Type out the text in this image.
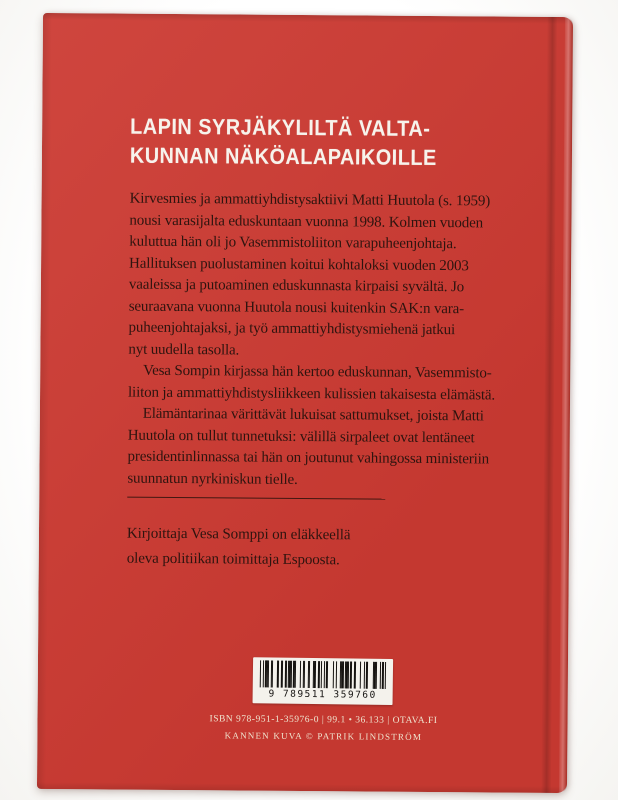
LAPIN SYRJÄKYLILTÄ VALTA-
KUNNAN NÄKÖALAPAIKOILLE

Kirvesmies ja ammattiyhdistysaktiivi Matti Huutola (s. 1959)
nousi varasijalta eduskuntaan vuonna 1998. Kolmen vuoden
kuluttua hän oli jo Vasemmistoliiton varapuheenjohtaja.
Hallituksen puolustaminen koitui kohtaloksi vuoden 2003
vaaleissa ja putoaminen eduskunnasta kirpaisi syvältä. Jo
seuraavana vuonna Huutola nousi kuitenkin SAK:n vara-
puheenjohtajaksi, ja työ ammattiyhdistysmiehenä jatkui
nyt uudella tasolla.

 Vesa Sompin kirjassa hän kertoo eduskunnan, Vasemmisto-
liiton ja ammattiyhdistysliikkeen kulissien takaisesta elämästä.

 Elämäntarinaa värittävät lukuisat sattumukset, joista Matti
Huutola on tullut tunnetuksi: välillä sirpaleet ovat lentäneet
presidentinlinnassa tai hän on joutunut vahingossa ministeriin
suunnatun nyrkiniskun tielle.

Kirjoittaja Vesa Somppi on eläkkeellä
oleva politiikan toimittaja Espoosta.
9 789511 359760
ISBN 978-951-1-35976-0 | 99.1 • 36.133 | OTAVA.FI
KANNEN KUVA © PATRIK LINDSTRÖM
